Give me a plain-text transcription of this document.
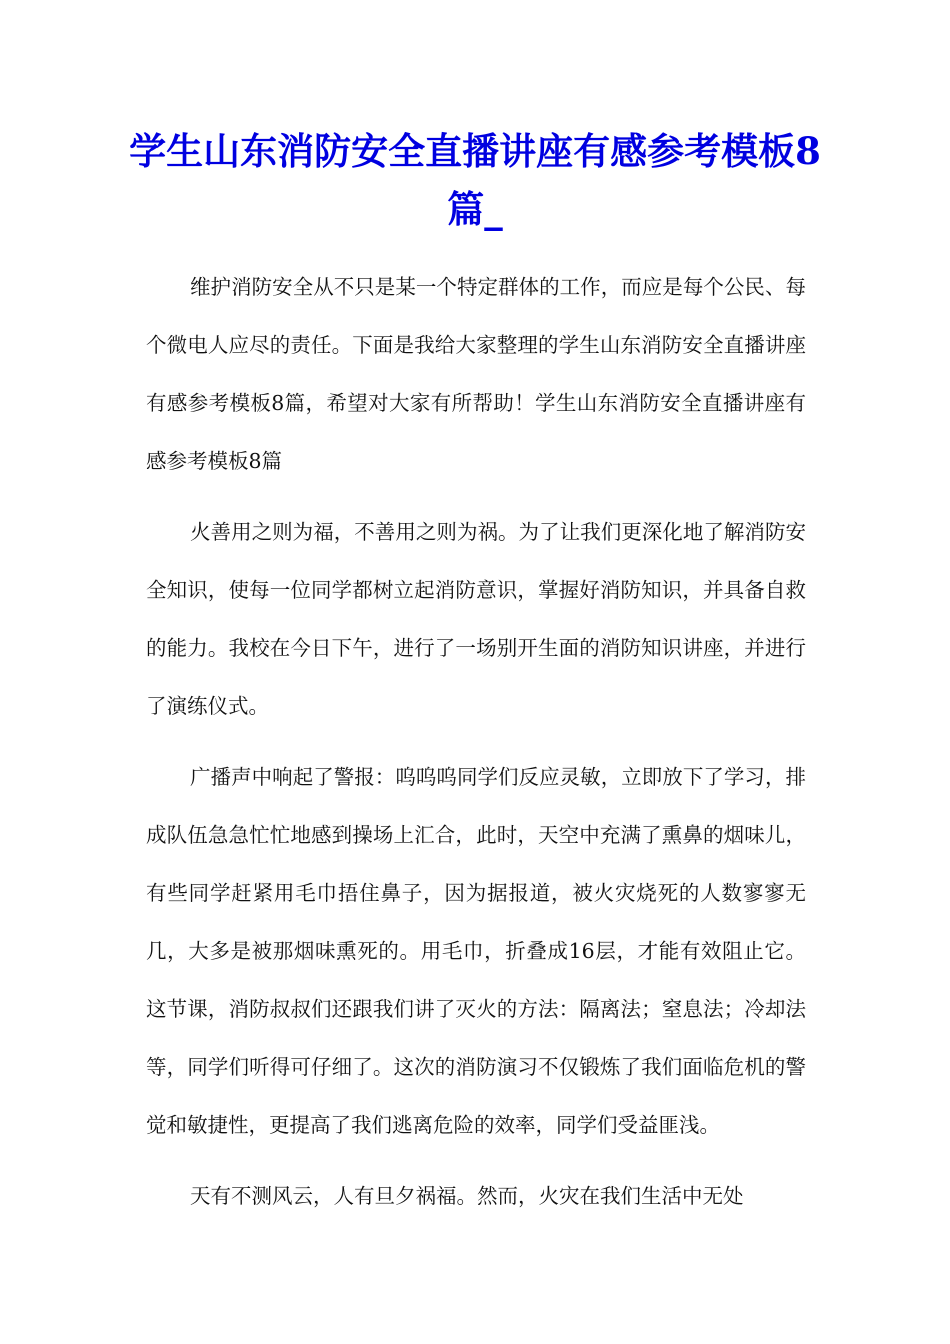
学生山东消防安全直播讲座有感参考模板8篇_

维护消防安全从不只是某一个特定群体的工作，而应是每个公民、每个微电人应尽的责任。下面是我给大家整理的学生山东消防安全直播讲座有感参考模板8篇，希望对大家有所帮助！学生山东消防安全直播讲座有感参考模板8篇

火善用之则为福，不善用之则为祸。为了让我们更深化地了解消防安全知识，使每一位同学都树立起消防意识，掌握好消防知识，并具备自救的能力。我校在今日下午，进行了一场别开生面的消防知识讲座，并进行了演练仪式。

广播声中响起了警报：呜呜呜同学们反应灵敏，立即放下了学习，排成队伍急急忙忙地感到操场上汇合，此时，天空中充满了熏鼻的烟味儿，有些同学赶紧用毛巾捂住鼻子，因为据报道，被火灾烧死的人数寥寥无几，大多是被那烟味熏死的。用毛巾，折叠成16层，才能有效阻止它。这节课，消防叔叔们还跟我们讲了灭火的方法：隔离法；窒息法；冷却法等，同学们听得可仔细了。这次的消防演习不仅锻炼了我们面临危机的警觉和敏捷性，更提高了我们逃离危险的效率，同学们受益匪浅。

天有不测风云，人有旦夕祸福。然而，火灾在我们生活中无处
